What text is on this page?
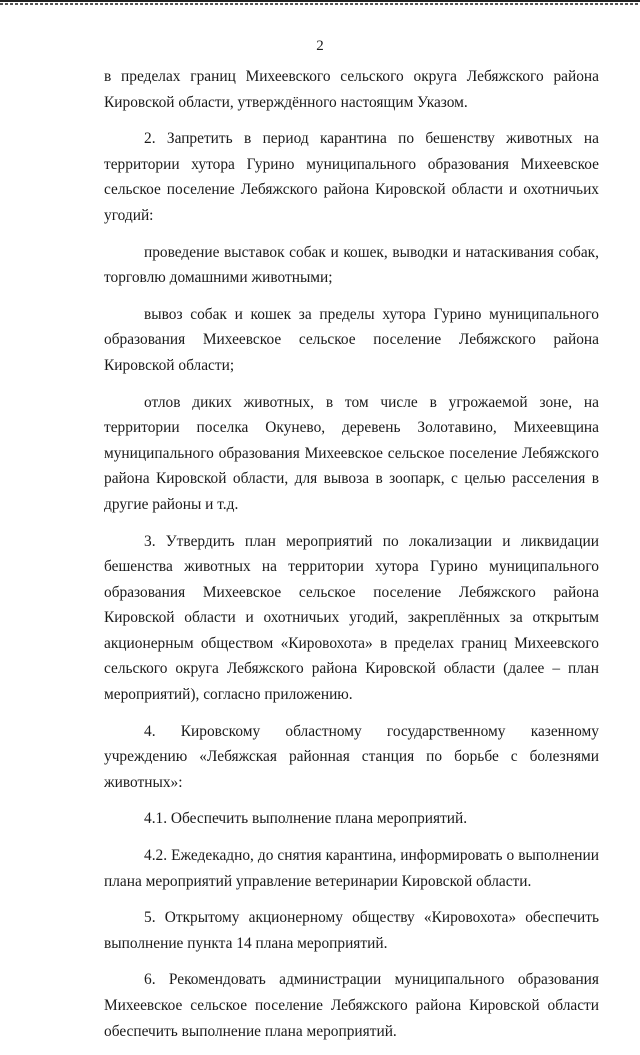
2

в пределах границ Михеевского сельского округа Лебяжского района Кировской области, утверждённого настоящим Указом.

2. Запретить в период карантина по бешенству животных на территории хутора Гурино муниципального образования Михеевское сельское поселение Лебяжского района Кировской области и охотничьих угодий:

проведение выставок собак и кошек, выводки и натаскивания собак, торговлю домашними животными;

вывоз собак и кошек за пределы хутора Гурино муниципального образования Михеевское сельское поселение Лебяжского района Кировской области;

отлов диких животных, в том числе в угрожаемой зоне, на территории поселка Окунево, деревень Золотавино, Михеевщина муниципального образования Михеевское сельское поселение Лебяжского района Кировской области, для вывоза в зоопарк, с целью расселения в другие районы и т.д.

3. Утвердить план мероприятий по локализации и ликвидации бешенства животных на территории хутора Гурино муниципального образования Михеевское сельское поселение Лебяжского района Кировской области и охотничьих угодий, закреплённых за открытым акционерным обществом «Кировохота» в пределах границ Михеевского сельского округа Лебяжского района Кировской области (далее – план мероприятий), согласно приложению.

4. Кировскому областному государственному казенному учреждению «Лебяжская районная станция по борьбе с болезнями животных»:

4.1. Обеспечить выполнение плана мероприятий.

4.2. Ежедекадно, до снятия карантина, информировать о выполнении плана мероприятий управление ветеринарии Кировской области.

5. Открытому акционерному обществу «Кировохота» обеспечить выполнение пункта 14 плана мероприятий.

6. Рекомендовать администрации муниципального образования Михеевское сельское поселение Лебяжского района Кировской области обеспечить выполнение плана мероприятий.
